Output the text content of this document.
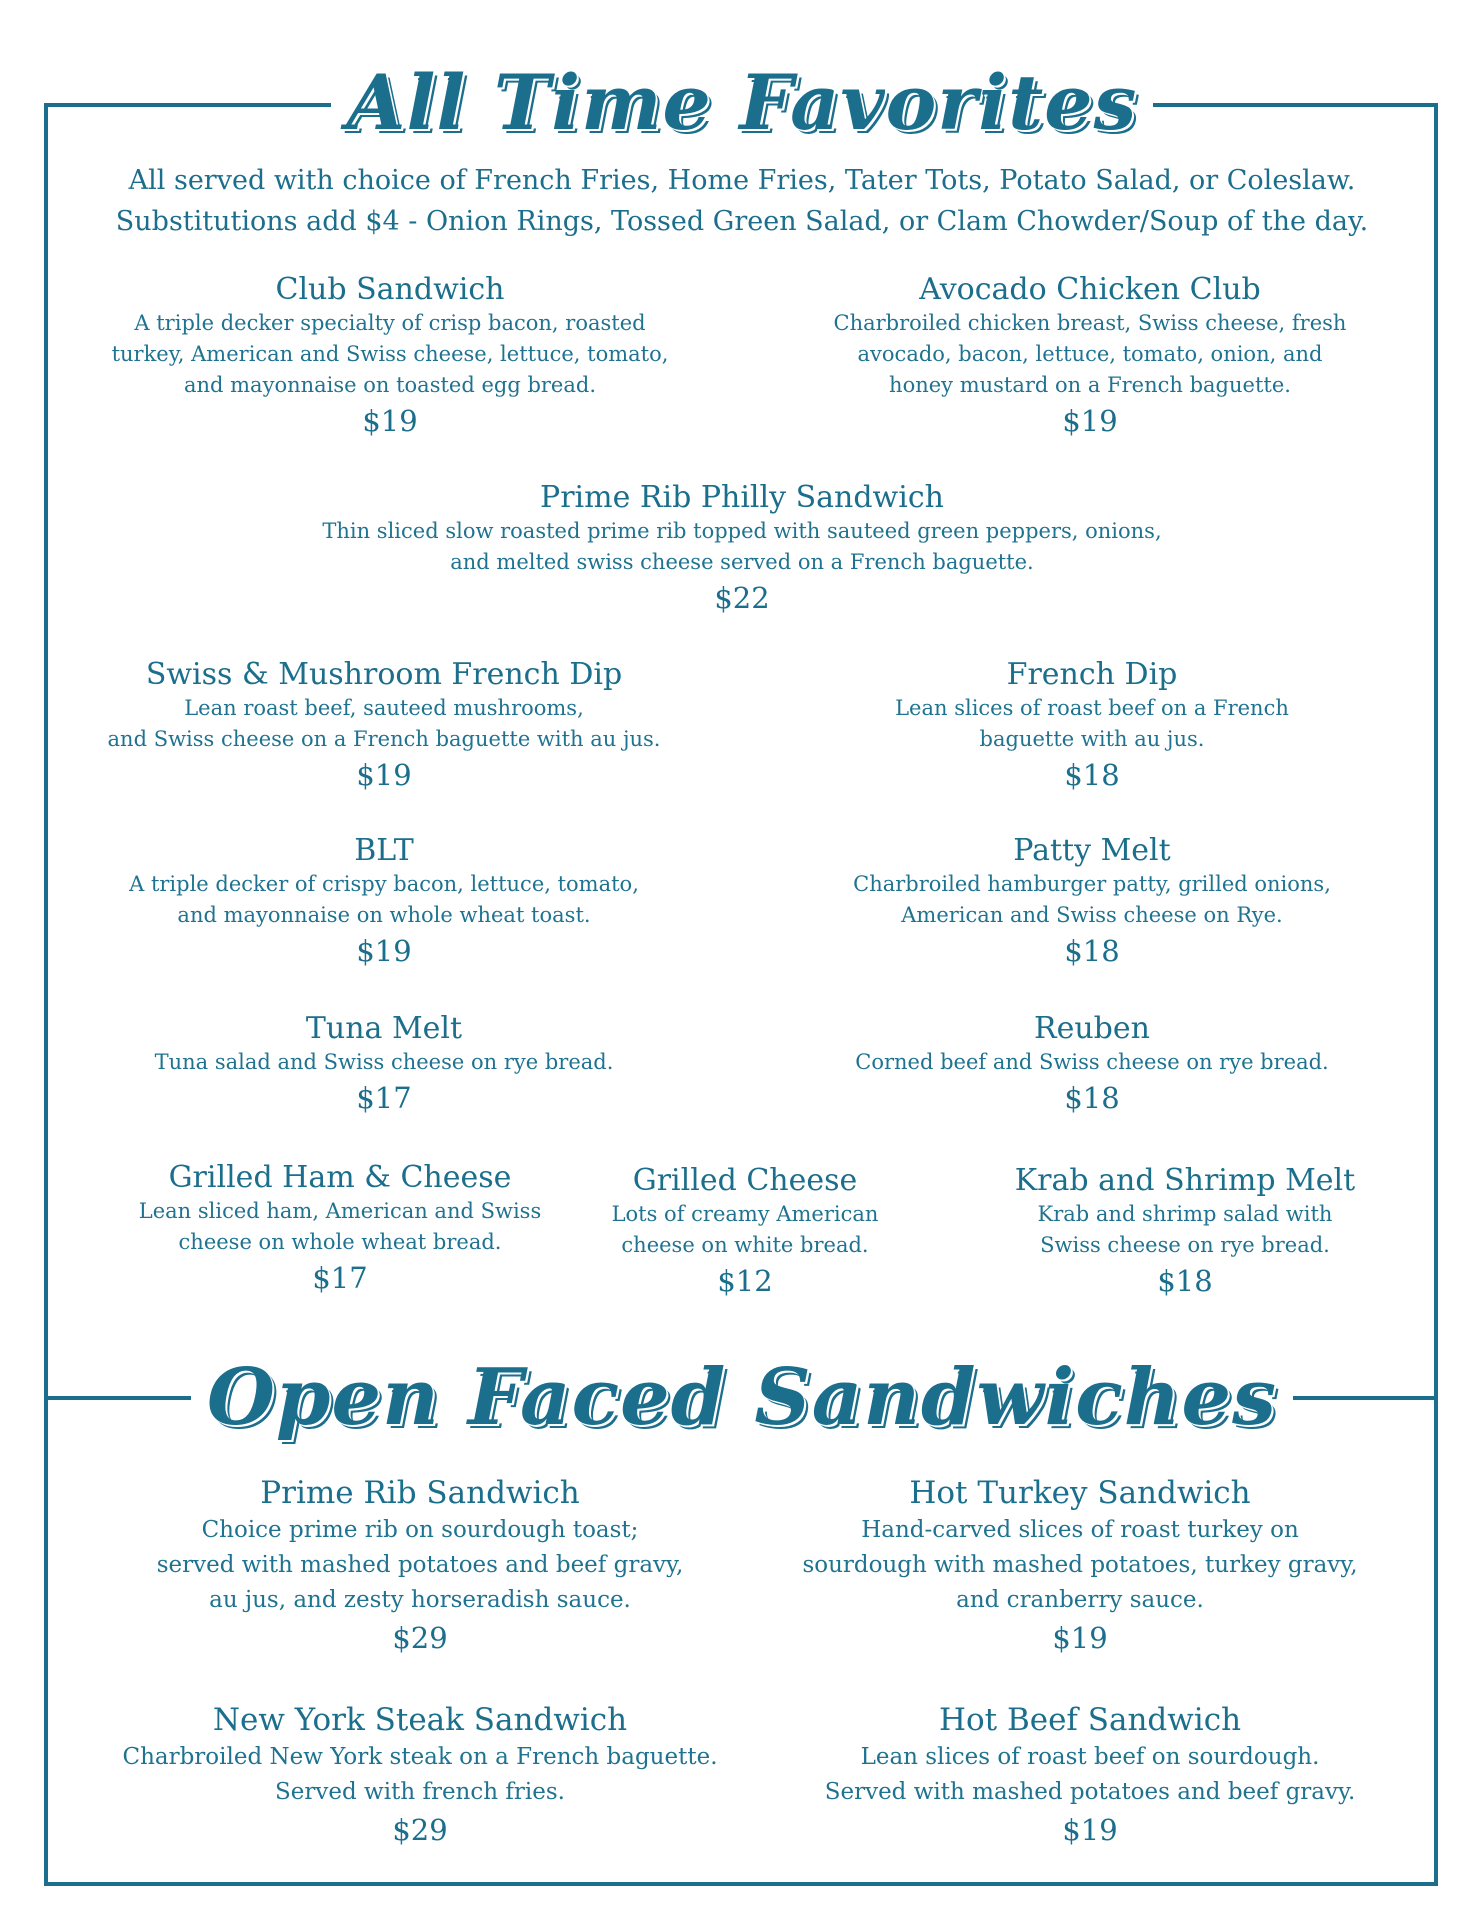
All Time Favorites
All served with choice of French Fries, Home Fries, Tater Tots, Potato Salad, or Coleslaw.
Substitutions add $4 - Onion Rings, Tossed Green Salad, or Clam Chowder/Soup of the day.
Club Sandwich
A triple decker specialty of crisp bacon, roasted
turkey, American and Swiss cheese, lettuce, tomato,
and mayonnaise on toasted egg bread.
$19
Avocado Chicken Club
Charbroiled chicken breast, Swiss cheese, fresh
avocado, bacon, lettuce, tomato, onion, and
honey mustard on a French baguette.
$19
Prime Rib Philly Sandwich
Thin sliced slow roasted prime rib topped with sauteed green peppers, onions,
and melted swiss cheese served on a French baguette.
$22
Swiss & Mushroom French Dip
Lean roast beef, sauteed mushrooms,
and Swiss cheese on a French baguette with au jus.
$19
French Dip
Lean slices of roast beef on a French
baguette with au jus.
$18
BLT
A triple decker of crispy bacon, lettuce, tomato,
and mayonnaise on whole wheat toast.
$19
Patty Melt
Charbroiled hamburger patty, grilled onions,
American and Swiss cheese on Rye.
$18
Tuna Melt
Tuna salad and Swiss cheese on rye bread.
$17
Reuben
Corned beef and Swiss cheese on rye bread.
$18
Grilled Ham & Cheese
Lean sliced ham, American and Swiss
cheese on whole wheat bread.
$17
Grilled Cheese
Lots of creamy American
cheese on white bread.
$12
Krab and Shrimp Melt
Krab and shrimp salad with
Swiss cheese on rye bread.
$18
Open Faced Sandwiches
Prime Rib Sandwich
Choice prime rib on sourdough toast;
served with mashed potatoes and beef gravy,
au jus, and zesty horseradish sauce.
$29
Hot Turkey Sandwich
Hand-carved slices of roast turkey on
sourdough with mashed potatoes, turkey gravy,
and cranberry sauce.
$19
New York Steak Sandwich
Charbroiled New York steak on a French baguette.
Served with french fries.
$29
Hot Beef Sandwich
Lean slices of roast beef on sourdough.
Served with mashed potatoes and beef gravy.
$19
